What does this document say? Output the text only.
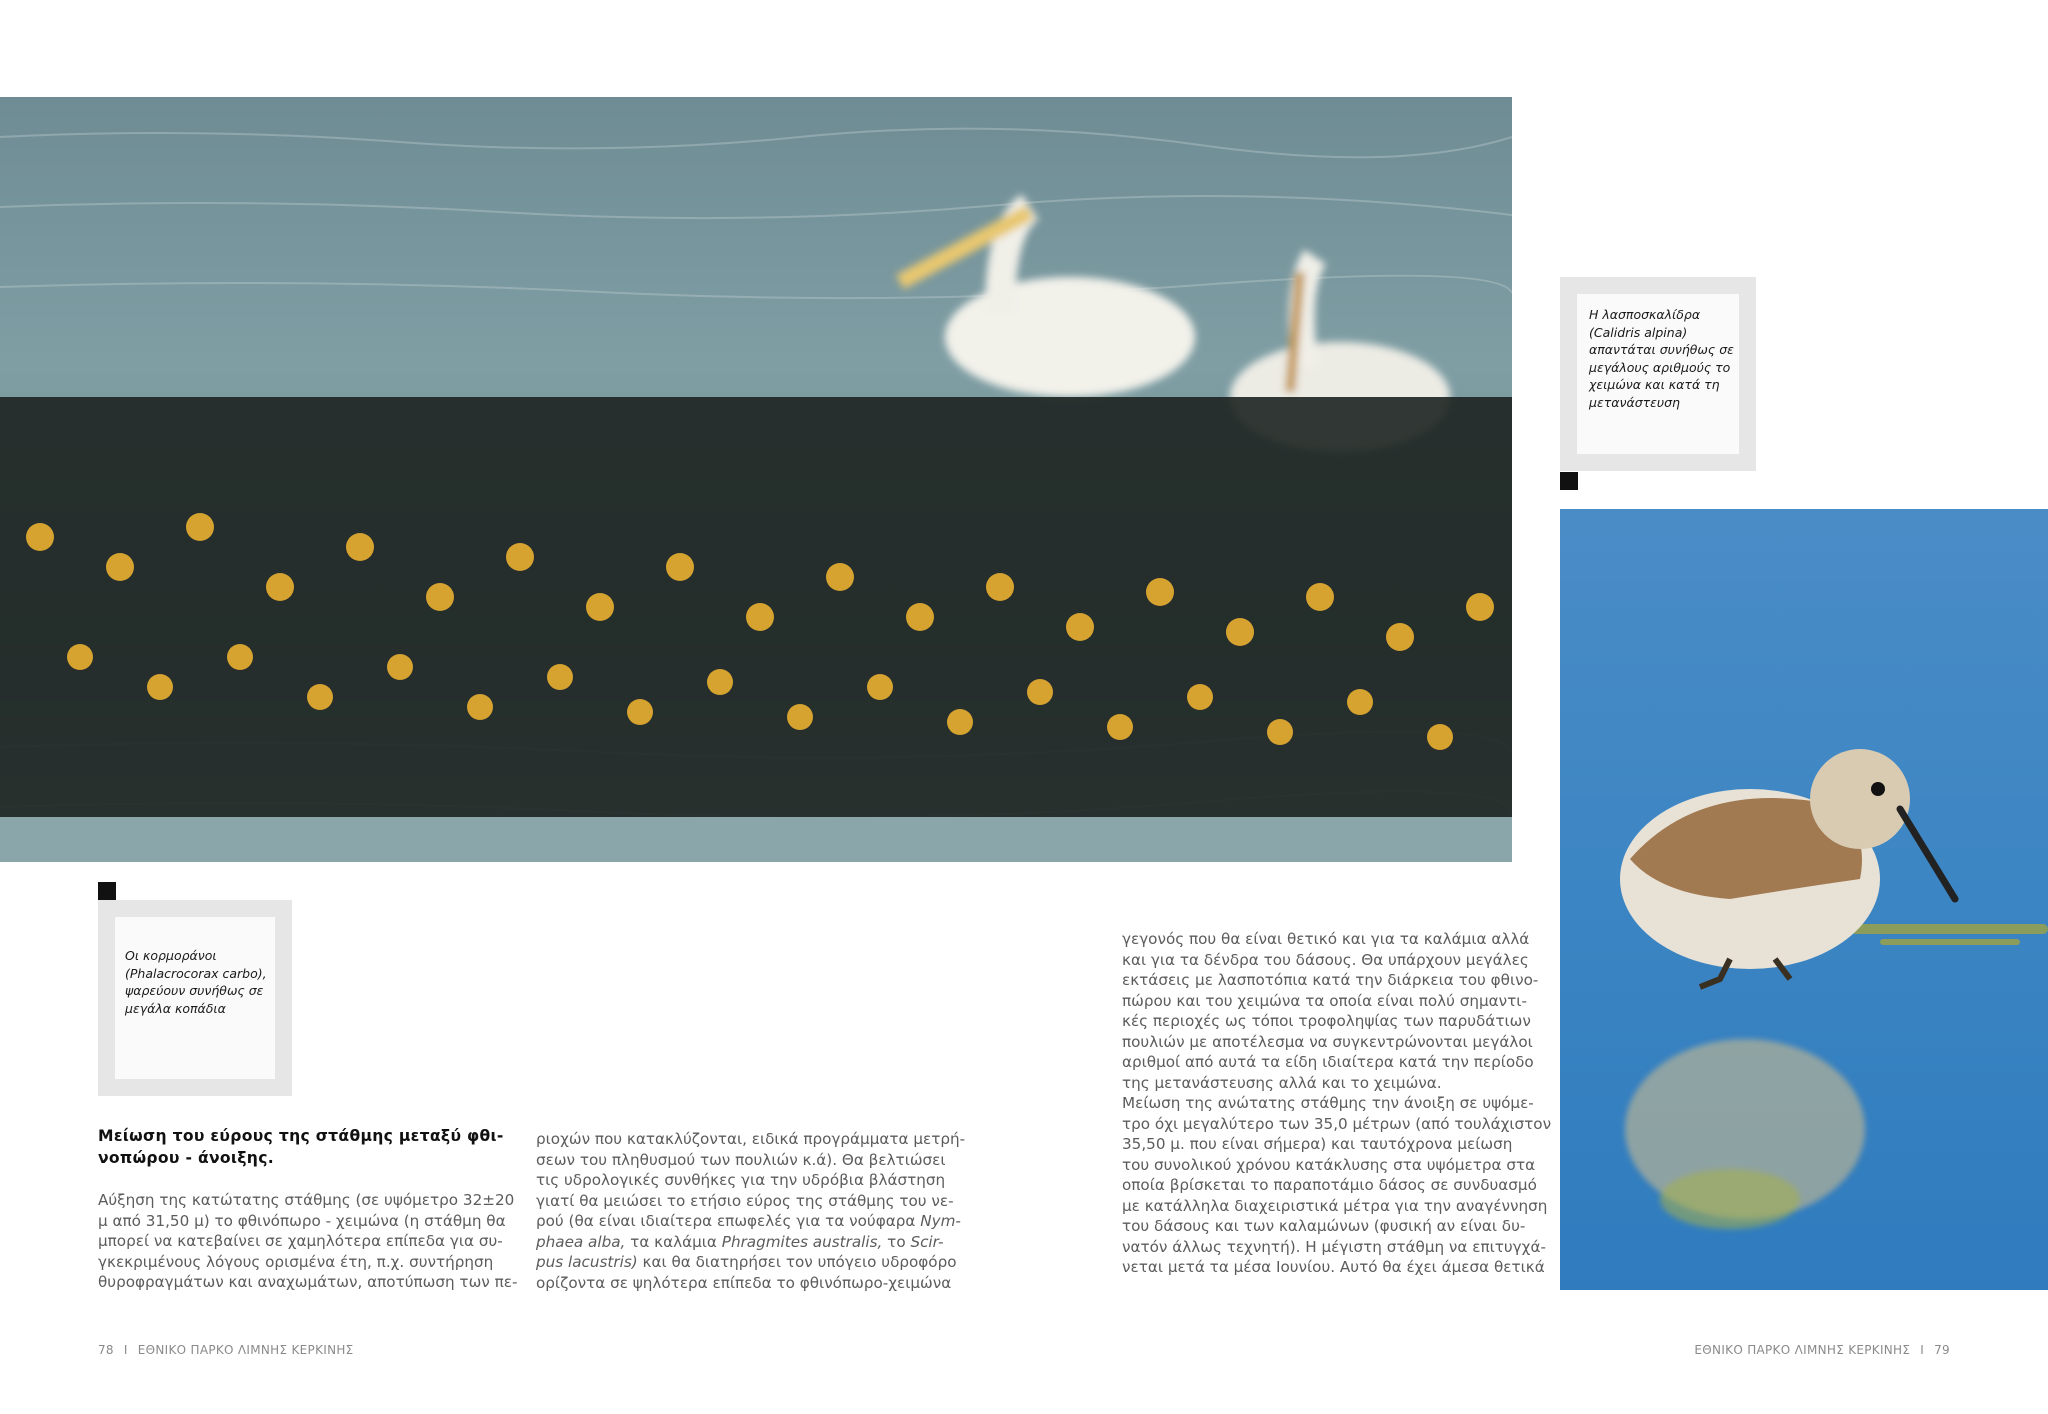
Οι κορμοράνοι
(Phalacrocorax carbo),
ψαρεύουν συνήθως σε
μεγάλα κοπάδια
Η λασποσκαλίδρα
(Calidris alpina)
απαντάται συνήθως σε
μεγάλους αριθμούς το
χειμώνα και κατά τη
μετανάστευση
Μείωση του εύρους της στάθμης μεταξύ φθι-
νοπώρου - άνοιξης.
Αύξηση της κατώτατης στάθμης (σε υψόμετρο 32±20
μ από 31,50 μ) το φθινόπωρο - χειμώνα (η στάθμη θα
μπορεί να κατεβαίνει σε χαμηλότερα επίπεδα για συ-
γκεκριμένους λόγους ορισμένα έτη, π.χ. συντήρηση
θυροφραγμάτων και αναχωμάτων, αποτύπωση των πε-
ριοχών που κατακλύζονται, ειδικά προγράμματα μετρή-
σεων του πληθυσμού των πουλιών κ.ά). Θα βελτιώσει
τις υδρολογικές συνθήκες για την υδρόβια βλάστηση
γιατί θα μειώσει το ετήσιο εύρος της στάθμης του νε-
ρού (θα είναι ιδιαίτερα επωφελές για τα νούφαρα Nym-
phaea alba, τα καλάμια Phragmites australis, το Scir-
pus lacustris) και θα διατηρήσει τον υπόγειο υδροφόρο
ορίζοντα σε ψηλότερα επίπεδα το φθινόπωρο-χειμώνα
γεγονός που θα είναι θετικό και για τα καλάμια αλλά
και για τα δένδρα του δάσους. Θα υπάρχουν μεγάλες
εκτάσεις με λασποτόπια κατά την διάρκεια του φθινο-
πώρου και του χειμώνα τα οποία είναι πολύ σημαντι-
κές περιοχές ως τόποι τροφοληψίας των παρυδάτιων
πουλιών με αποτέλεσμα να συγκεντρώνονται μεγάλοι
αριθμοί από αυτά τα είδη ιδιαίτερα κατά την περίοδο
της μετανάστευσης αλλά και το χειμώνα.
Μείωση της ανώτατης στάθμης την άνοιξη σε υψόμε-
τρο όχι μεγαλύτερο των 35,0 μέτρων (από τουλάχιστον
35,50 μ. που είναι σήμερα) και ταυτόχρονα μείωση
του συνολικού χρόνου κατάκλυσης στα υψόμετρα στα
οποία βρίσκεται το παραποτάμιο δάσος σε συνδυασμό
με κατάλληλα διαχειριστικά μέτρα για την αναγέννηση
του δάσους και των καλαμώνων (φυσική αν είναι δυ-
νατόν άλλως τεχνητή). Η μέγιστη στάθμη να επιτυγχά-
νεται μετά τα μέσα Ιουνίου. Αυτό θα έχει άμεσα θετικά
78 I ΕΘΝΙΚΟ ΠΑΡΚΟ ΛΙΜΝΗΣ ΚΕΡΚΙΝΗΣ	ΕΘΝΙΚΟ ΠΑΡΚΟ ΛΙΜΝΗΣ ΚΕΡΚΙΝΗΣ I 79
